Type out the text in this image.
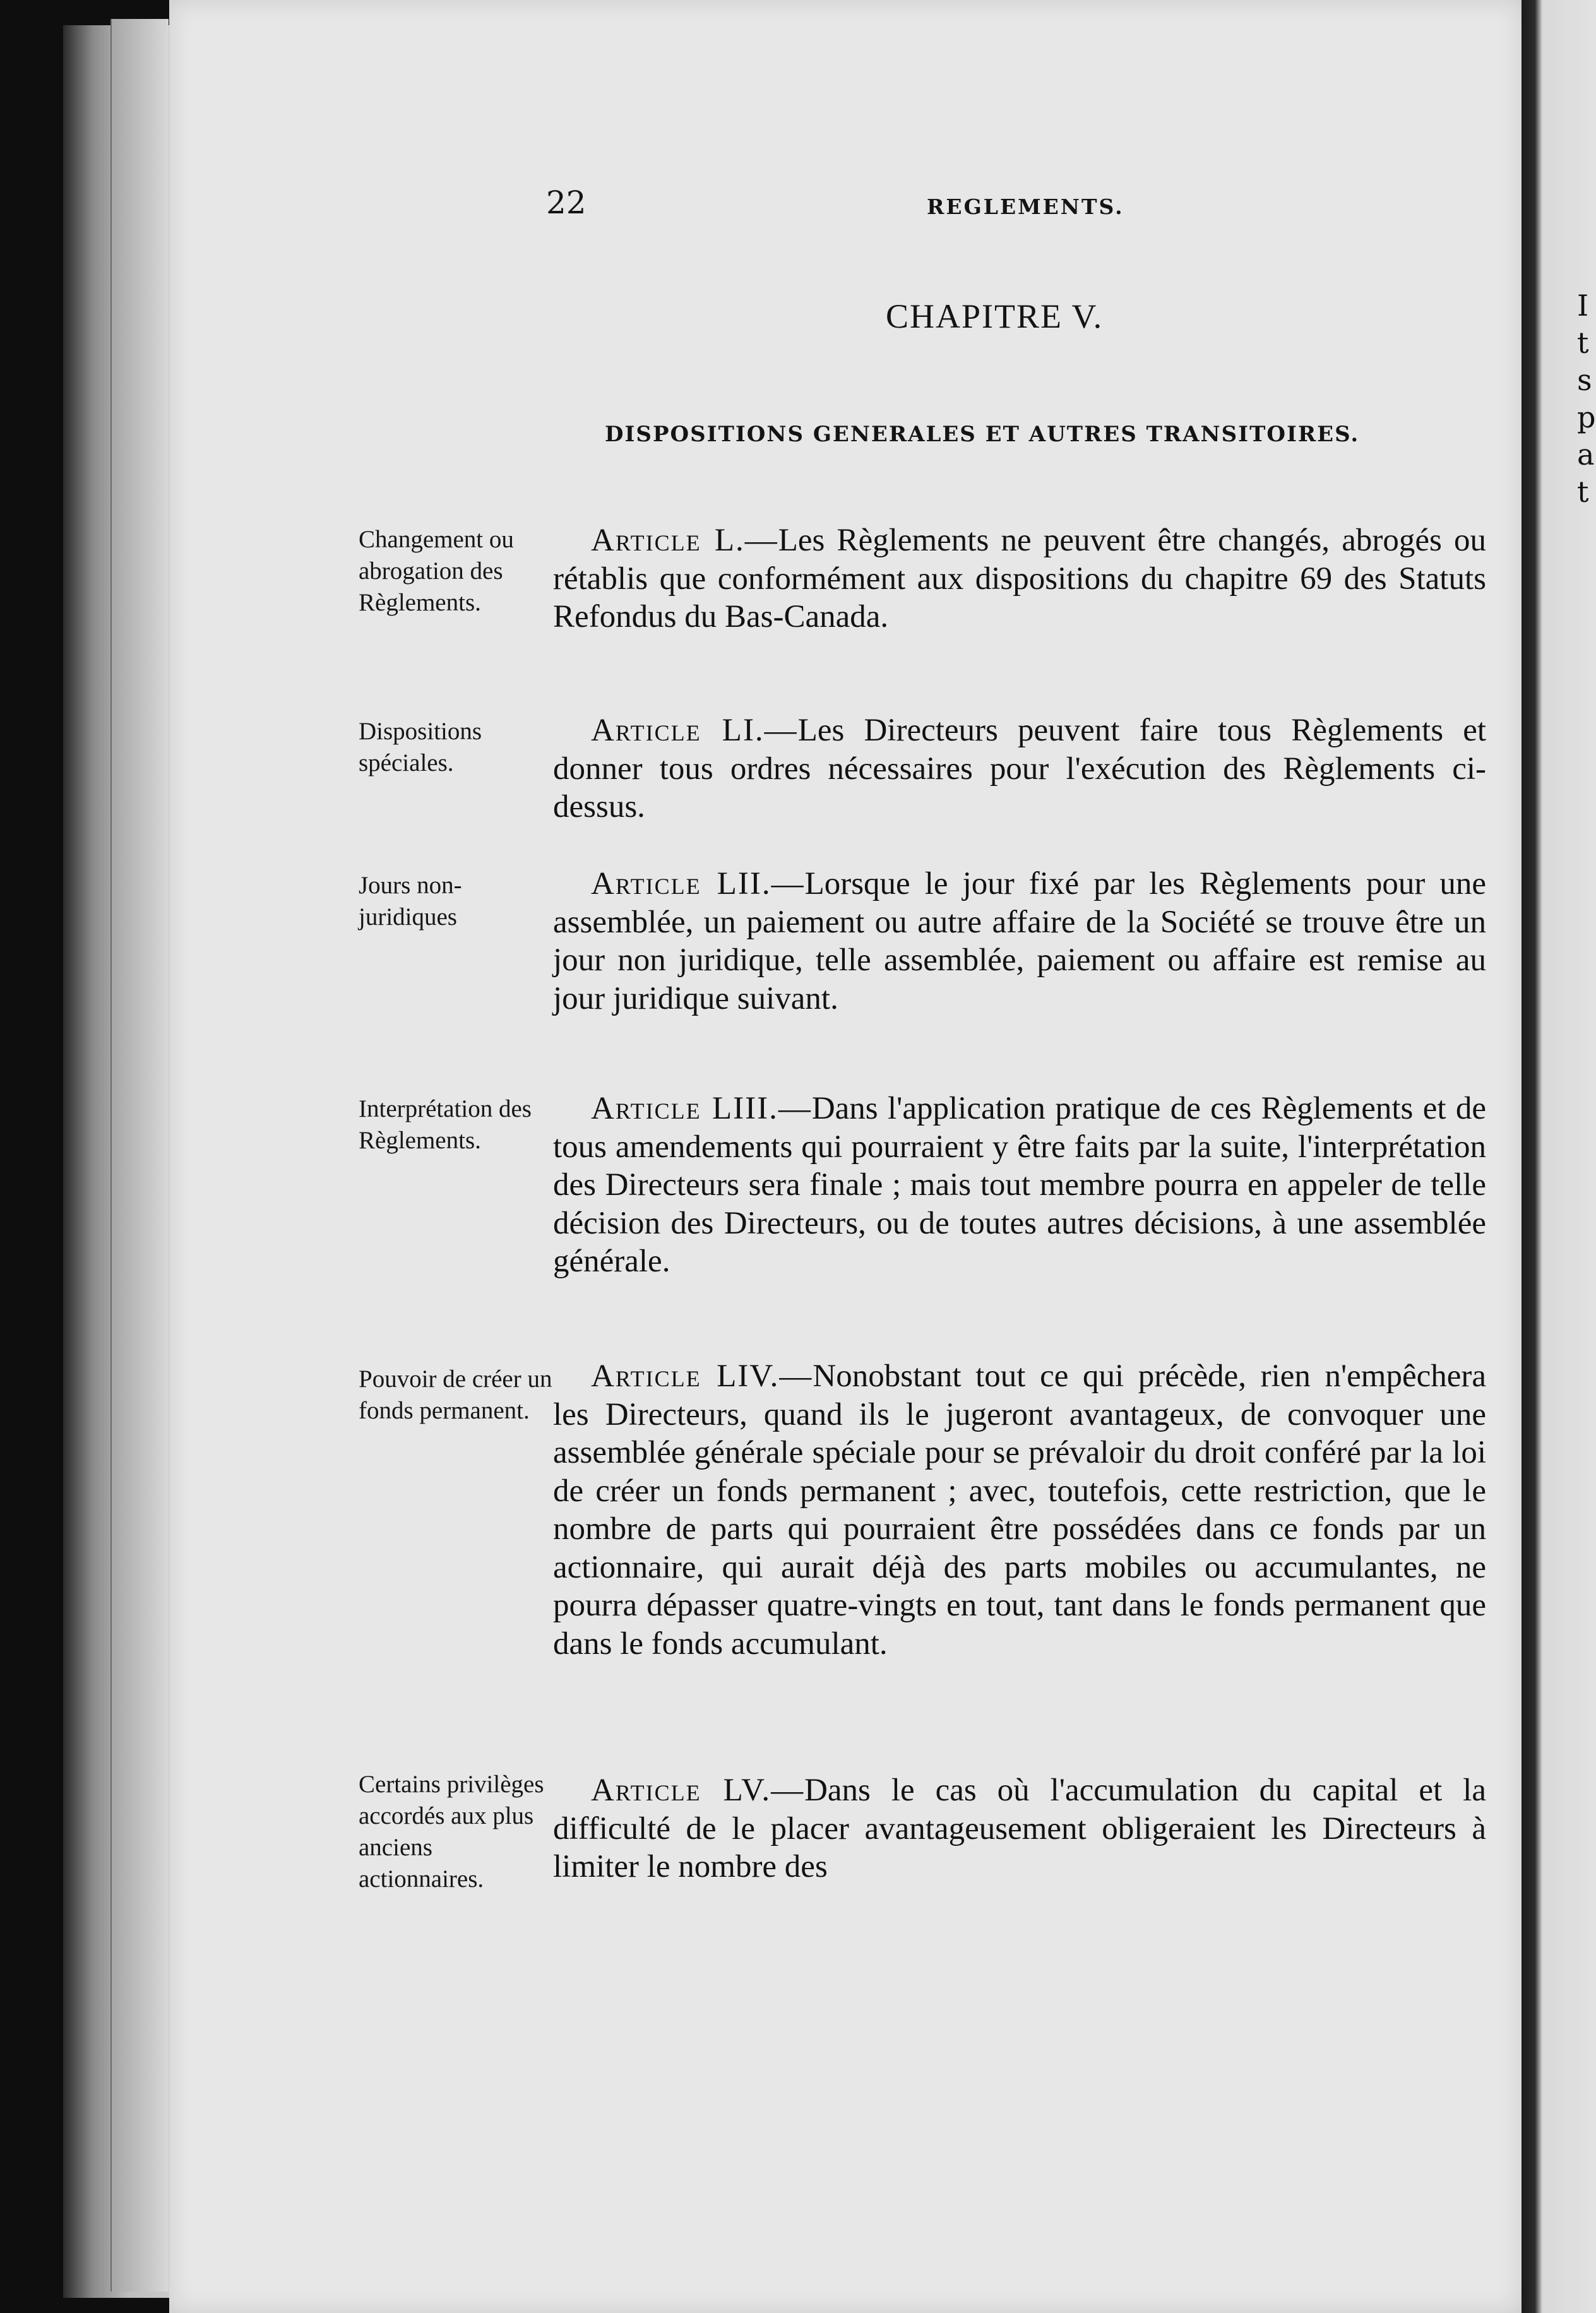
I
t
s
p
a
t
22	REGLEMENTS.
CHAPITRE V.
DISPOSITIONS GENERALES ET AUTRES TRANSITOIRES.
Changement ou abrogation des Règlements.
Article L.—Les Règlements ne peuvent être changés, abrogés ou rétablis que conformément aux dispositions du chapitre 69 des Statuts Refondus du Bas-Canada.
Dispositions spéciales.
Article LI.—Les Directeurs peuvent faire tous Règlements et donner tous ordres nécessaires pour l'exécution des Règlements ci-dessus.
Jours non-juridiques
Article LII.—Lorsque le jour fixé par les Règlements pour une assemblée, un paiement ou autre affaire de la Société se trouve être un jour non juridique, telle assemblée, paiement ou affaire est remise au jour juridique suivant.
Interprétation des Règlements.
Article LIII.—Dans l'application pratique de ces Règlements et de tous amendements qui pourraient y être faits par la suite, l'interprétation des Directeurs sera finale ; mais tout membre pourra en appeler de telle décision des Directeurs, ou de toutes autres décisions, à une assemblée générale.
Pouvoir de créer un fonds permanent.
Article LIV.—Nonobstant tout ce qui précède, rien n'empêchera les Directeurs, quand ils le jugeront avantageux, de convoquer une assemblée générale spéciale pour se prévaloir du droit conféré par la loi de créer un fonds permanent ; avec, toutefois, cette restriction, que le nombre de parts qui pourraient être possédées dans ce fonds par un actionnaire, qui aurait déjà des parts mobiles ou accumulantes, ne pourra dépasser quatre-vingts en tout, tant dans le fonds permanent que dans le fonds accumulant.
Certains privilèges accordés aux plus anciens actionnaires.
Article LV.—Dans le cas où l'accumulation du capital et la difficulté de le placer avantageusement obligeraient les Directeurs à limiter le nombre des
